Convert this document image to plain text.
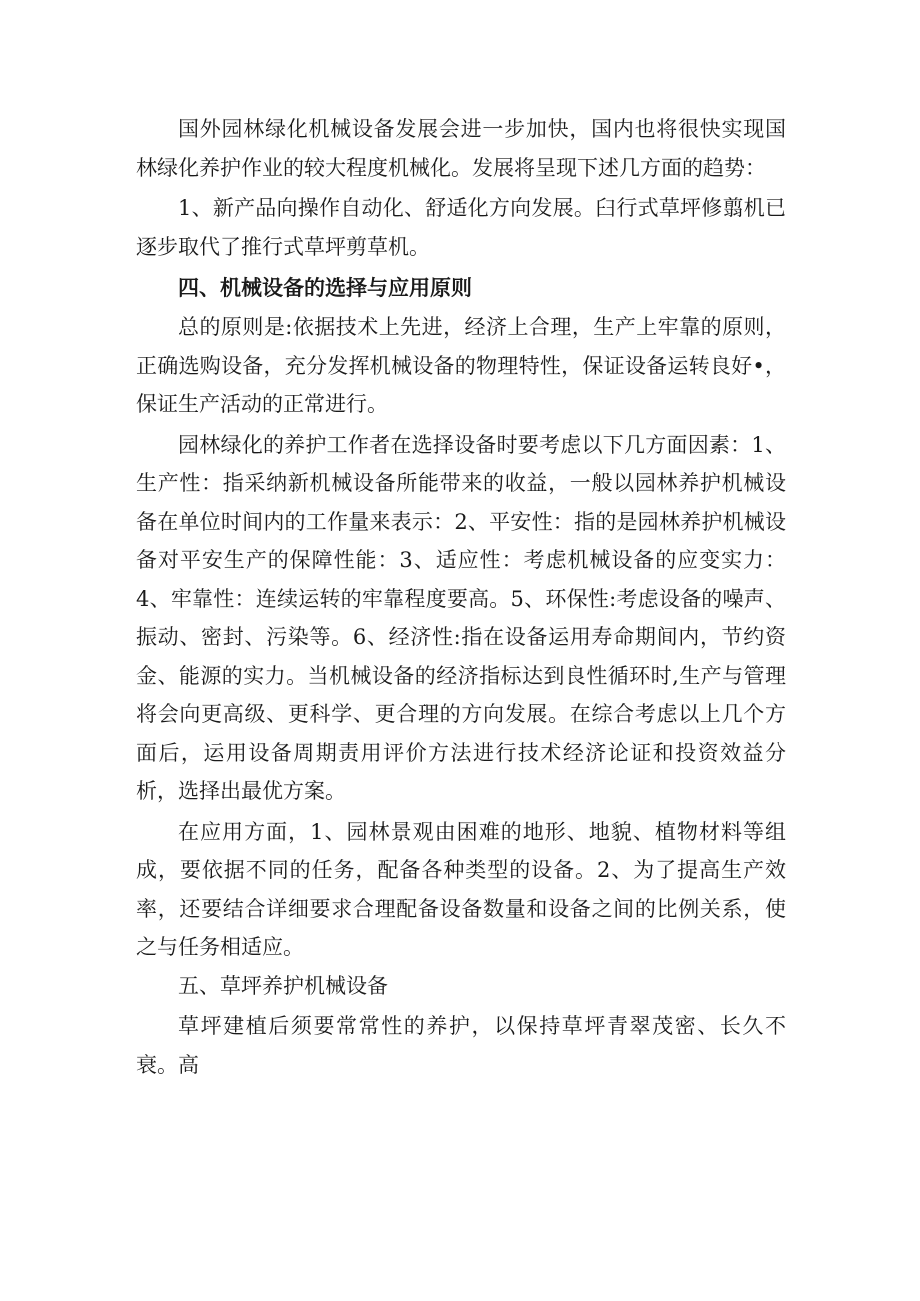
国外园林绿化机械设备发展会进一步加快，国内也将很快实现国林绿化养护作业的较大程度机械化。发展将呈现下述几方面的趋势：

1、新产品向操作自动化、舒适化方向发展。臼行式草坪修翦机已逐步取代了推行式草坪剪草机。

四、机械设备的选择与应用原则

总的原则是:依据技术上先进，经济上合理，生产上牢靠的原则，正确选购设备，充分发挥机械设备的物理特性，保证设备运转良好•，保证生产活动的正常进行。

园林绿化的养护工作者在选择设备时要考虑以下几方面因素：1、生产性：指采纳新机械设备所能带来的收益，一般以园林养护机械设备在单位时间内的工作量来表示：2、平安性：指的是园林养护机械设备对平安生产的保障性能：3、适应性：考虑机械设备的应变实力：4、牢靠性：连续运转的牢靠程度要高。5、环保性:考虑设备的噪声、振动、密封、污染等。6、经济性:指在设备运用寿命期间内，节约资金、能源的实力。当机械设备的经济指标达到良性循环时,生产与管理将会向更高级、更科学、更合理的方向发展。在综合考虑以上几个方面后，运用设备周期责用评价方法进行技术经济论证和投资效益分析，选择出最优方案。

在应用方面，1、园林景观由困难的地形、地貌、植物材料等组成，要依据不同的任务，配备各种类型的设备。2、为了提高生产效率，还要结合详细要求合理配备设备数量和设备之间的比例关系，使之与任务相适应。

五、草坪养护机械设备

草坪建植后须要常常性的养护，以保持草坪青翠茂密、长久不衰。高
